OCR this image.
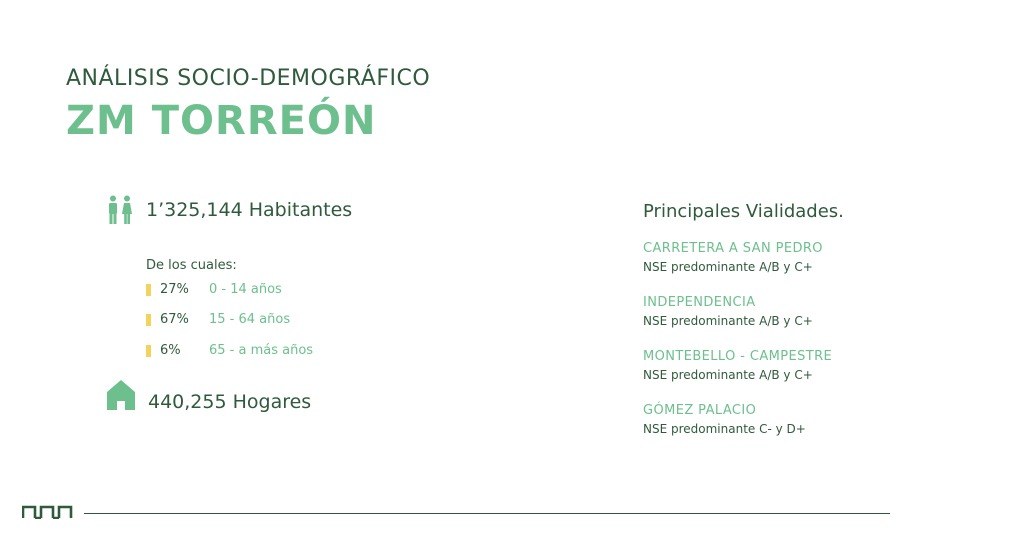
ANÁLISIS SOCIO-DEMOGRÁFICO
ZM TORREÓN
1’325,144 Habitantes
De los cuales:
27% 0 - 14 años
67% 15 - 64 años
6% 65 - a más años
440,255 Hogares
Principales Vialidades.
CARRETERA A SAN PEDRO
NSE predominante A/B y C+
INDEPENDENCIA
NSE predominante A/B y C+
MONTEBELLO - CAMPESTRE
NSE predominante A/B y C+
GÓMEZ PALACIO
NSE predominante C- y D+
